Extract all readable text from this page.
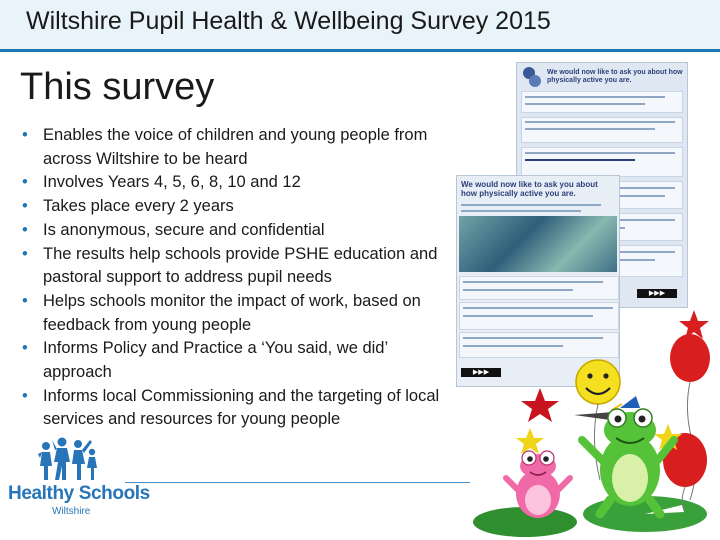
Wiltshire Pupil Health & Wellbeing Survey 2015
This survey
• Enables the voice of children and young people from across Wiltshire to be heard
• Involves Years 4, 5, 6, 8, 10 and 12
• Takes place every 2 years
• Is anonymous, secure and confidential
• The results help schools provide PSHE education and pastoral support to address pupil needs
• Helps schools monitor the impact of work, based on feedback from young people
• Informs Policy and Practice a ‘You said, we did’ approach
• Informs local Commissioning and the targeting of local services and resources for young people
Healthy Schools
Wiltshire
We would now like to ask you about how physically active you are.
▶▶▶
We would now like to ask you about how physically active you are.
▶▶▶
